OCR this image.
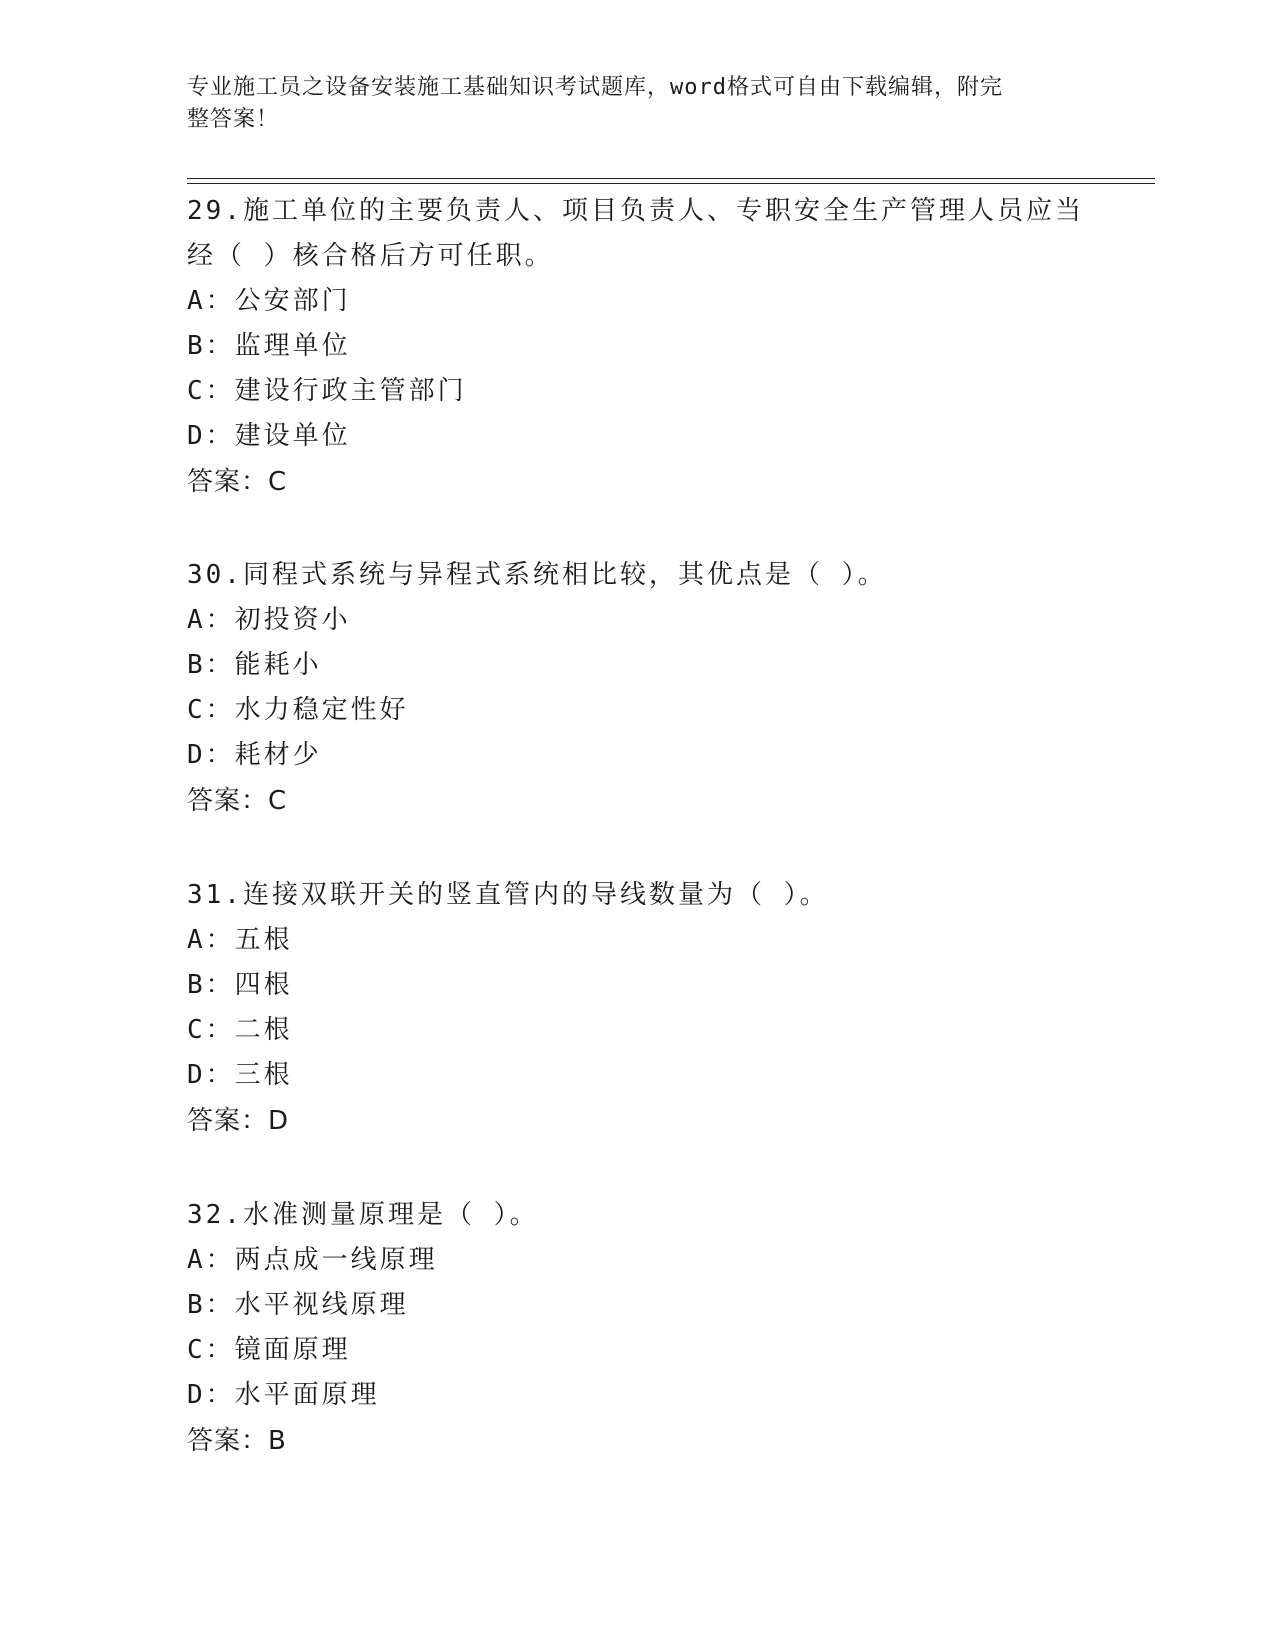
专业施工员之设备安装施工基础知识考试题库，word格式可自由下载编辑，附完
整答案！

29.施工单位的主要负责人、项目负责人、专职安全生产管理人员应当

经（ ）核合格后方可任职。

A：公安部门

B：监理单位

C：建设行政主管部门

D：建设单位

答案：C

30.同程式系统与异程式系统相比较，其优点是（ ）。

A：初投资小

B：能耗小

C：水力稳定性好

D：耗材少

答案：C

31.连接双联开关的竖直管内的导线数量为（ ）。

A：五根

B：四根

C：二根

D：三根

答案：D

32.水准测量原理是（ ）。

A：两点成一线原理

B：水平视线原理

C：镜面原理

D：水平面原理

答案：B
